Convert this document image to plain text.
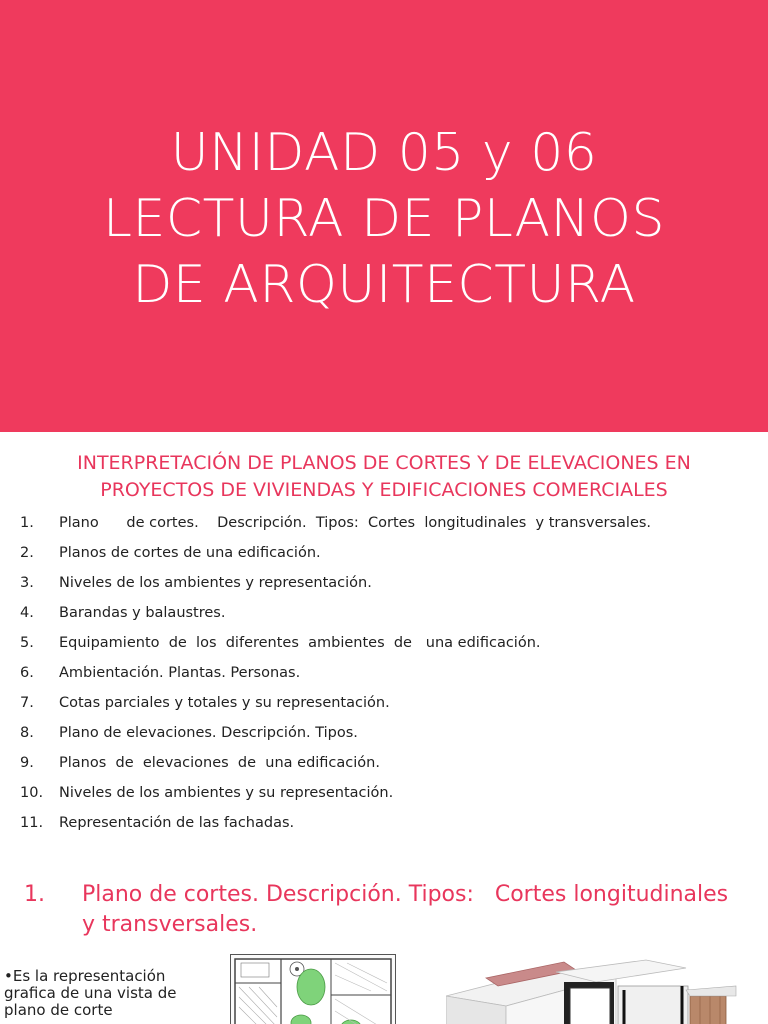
UNIDAD 05 y 06
LECTURA DE PLANOS
DE ARQUITECTURA
INTERPRETACIÓN DE PLANOS DE CORTES Y DE ELEVACIONES EN
PROYECTOS DE VIVIENDAS Y EDIFICACIONES COMERCIALES
1.	Plano      de cortes.    Descripción.  Tipos:  Cortes  longitudinales  y transversales.
2.	Planos de cortes de una edificación.
3.	Niveles de los ambientes y representación.
4.	Barandas y balaustres.
5.	Equipamiento  de  los  diferentes  ambientes  de   una edificación.
6.	Ambientación. Plantas. Personas.
7.	Cotas parciales y totales y su representación.
8.	Plano de elevaciones. Descripción. Tipos.
9.	Planos  de  elevaciones  de  una edificación.
10.	Niveles de los ambientes y su representación.
11.	Representación de las fachadas.
1.	Plano de cortes. Descripción. Tipos:   Cortes longitudinales    y transversales.
•Es la representación grafica de una vista de plano de corte
